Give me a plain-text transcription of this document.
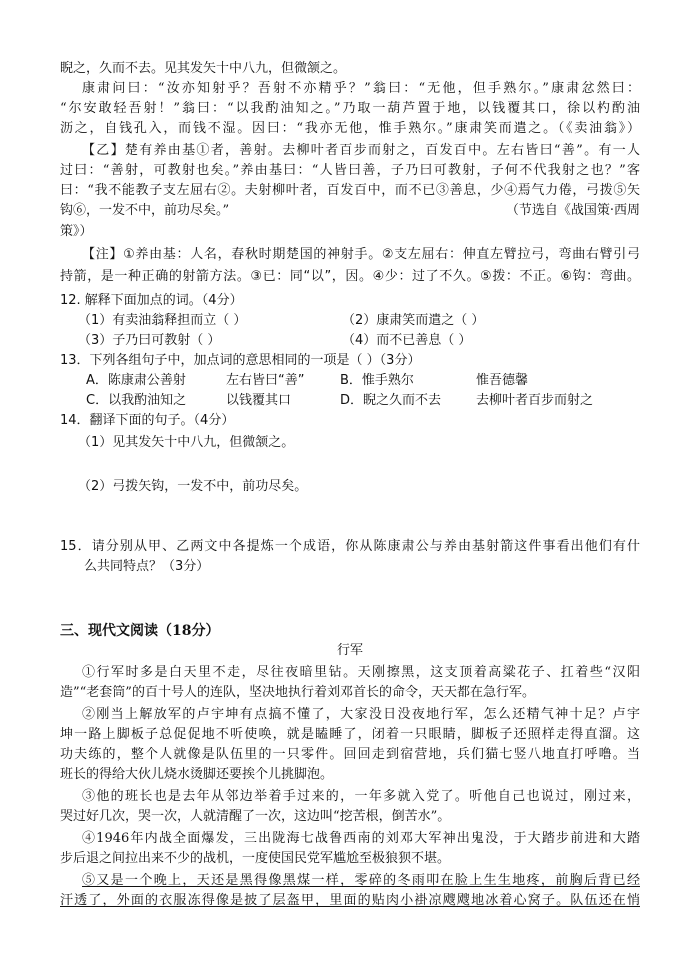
睨之，久而不去。见其发矢十中八九，但微颔之。
康肃问曰：“汝亦知射乎？吾射不亦精乎？”翁曰：“无他，但手熟尔。”康肃忿然曰：
“尔安敢轻吾射！”翁曰：“以我酌油知之。”乃取一葫芦置于地，以钱覆其口，徐以杓酌油
沥之，自钱孔入，而钱不湿。因曰：“我亦无他，惟手熟尔。”康肃笑而遣之。（《卖油翁》）
【乙】楚有养由基①者，善射。去柳叶者百步而射之，百发百中。左右皆曰“善”。有一人
过曰：“善射，可教射也矣。”养由基曰：“人皆曰善，子乃曰可教射，子何不代我射之也？”客
曰：“我不能教子支左屈右②。夫射柳叶者，百发百中，而不已③善息，少④焉气力倦，弓拨⑤矢
钩⑥，一发不中，前功尽矣。”	（节选自《战国策·西周
策》）
【注】①养由基：人名，春秋时期楚国的神射手。②支左屈右：伸直左臂拉弓，弯曲右臂引弓
持箭，是一种正确的射箭方法。③已：同“以”，因。④少：过了不久。⑤拨：不正。⑥钩：弯曲。
12. 解释下面加点的词。（4分）
（1）有卖油翁释担而立（ ）	（2）康肃笑而遣之（ ）
（3）子乃曰可教射（ ）	（4）而不已善息（ ）
13．下列各组句子中，加点词的意思相同的一项是（ ）（3分）
A．陈康肃公善射	左右皆曰“善”	B．惟手熟尔	惟吾德馨
C．以我酌油知之	以钱覆其口	D．睨之久而不去	去柳叶者百步而射之
14．翻译下面的句子。（4分）
（1）见其发矢十中八九，但微颔之。
（2）弓拨矢钩，一发不中，前功尽矣。
15．请分别从甲、乙两文中各提炼一个成语，你从陈康肃公与养由基射箭这件事看出他们有什
么共同特点？（3分）
三、现代文阅读（18分）
行军
①行军时多是白天里不走，尽往夜暗里钻。天刚擦黑，这支顶着高粱花子、扛着些“汉阳
造”“老套筒”的百十号人的连队，坚决地执行着刘邓首长的命令，天天都在急行军。
②刚当上解放军的卢宇坤有点搞不懂了，大家没日没夜地行军，怎么还精气神十足？卢宇
坤一路上脚板子总促促地不听使唤，就是瞌睡了，闭着一只眼睛，脚板子还照样走得直溜。这
功夫练的，整个人就像是队伍里的一只零件。回回走到宿营地，兵们猫七竖八地直打呼噜。当
班长的得给大伙儿烧水烫脚还要挨个儿挑脚泡。
③他的班长也是去年从邻边举着手过来的，一年多就入党了。听他自己也说过，刚过来，
哭过好几次，哭一次，人就清醒了一次，这边叫“挖苦根，倒苦水”。
④1946年内战全面爆发，三出陇海七战鲁西南的刘邓大军神出鬼没，于大踏步前进和大踏
步后退之间拉出来不少的战机，一度使国民党军尴尬至极狼狈不堪。
⑤又是一个晚上，天还是黑得像黑煤一样，零碎的冬雨叩在脸上生生地疼，前胸后背已经
汗透了，外面的衣服冻得像是披了层盔甲，里面的贴肉小褂凉飕飕地冰着心窝子。队伍还在悄
